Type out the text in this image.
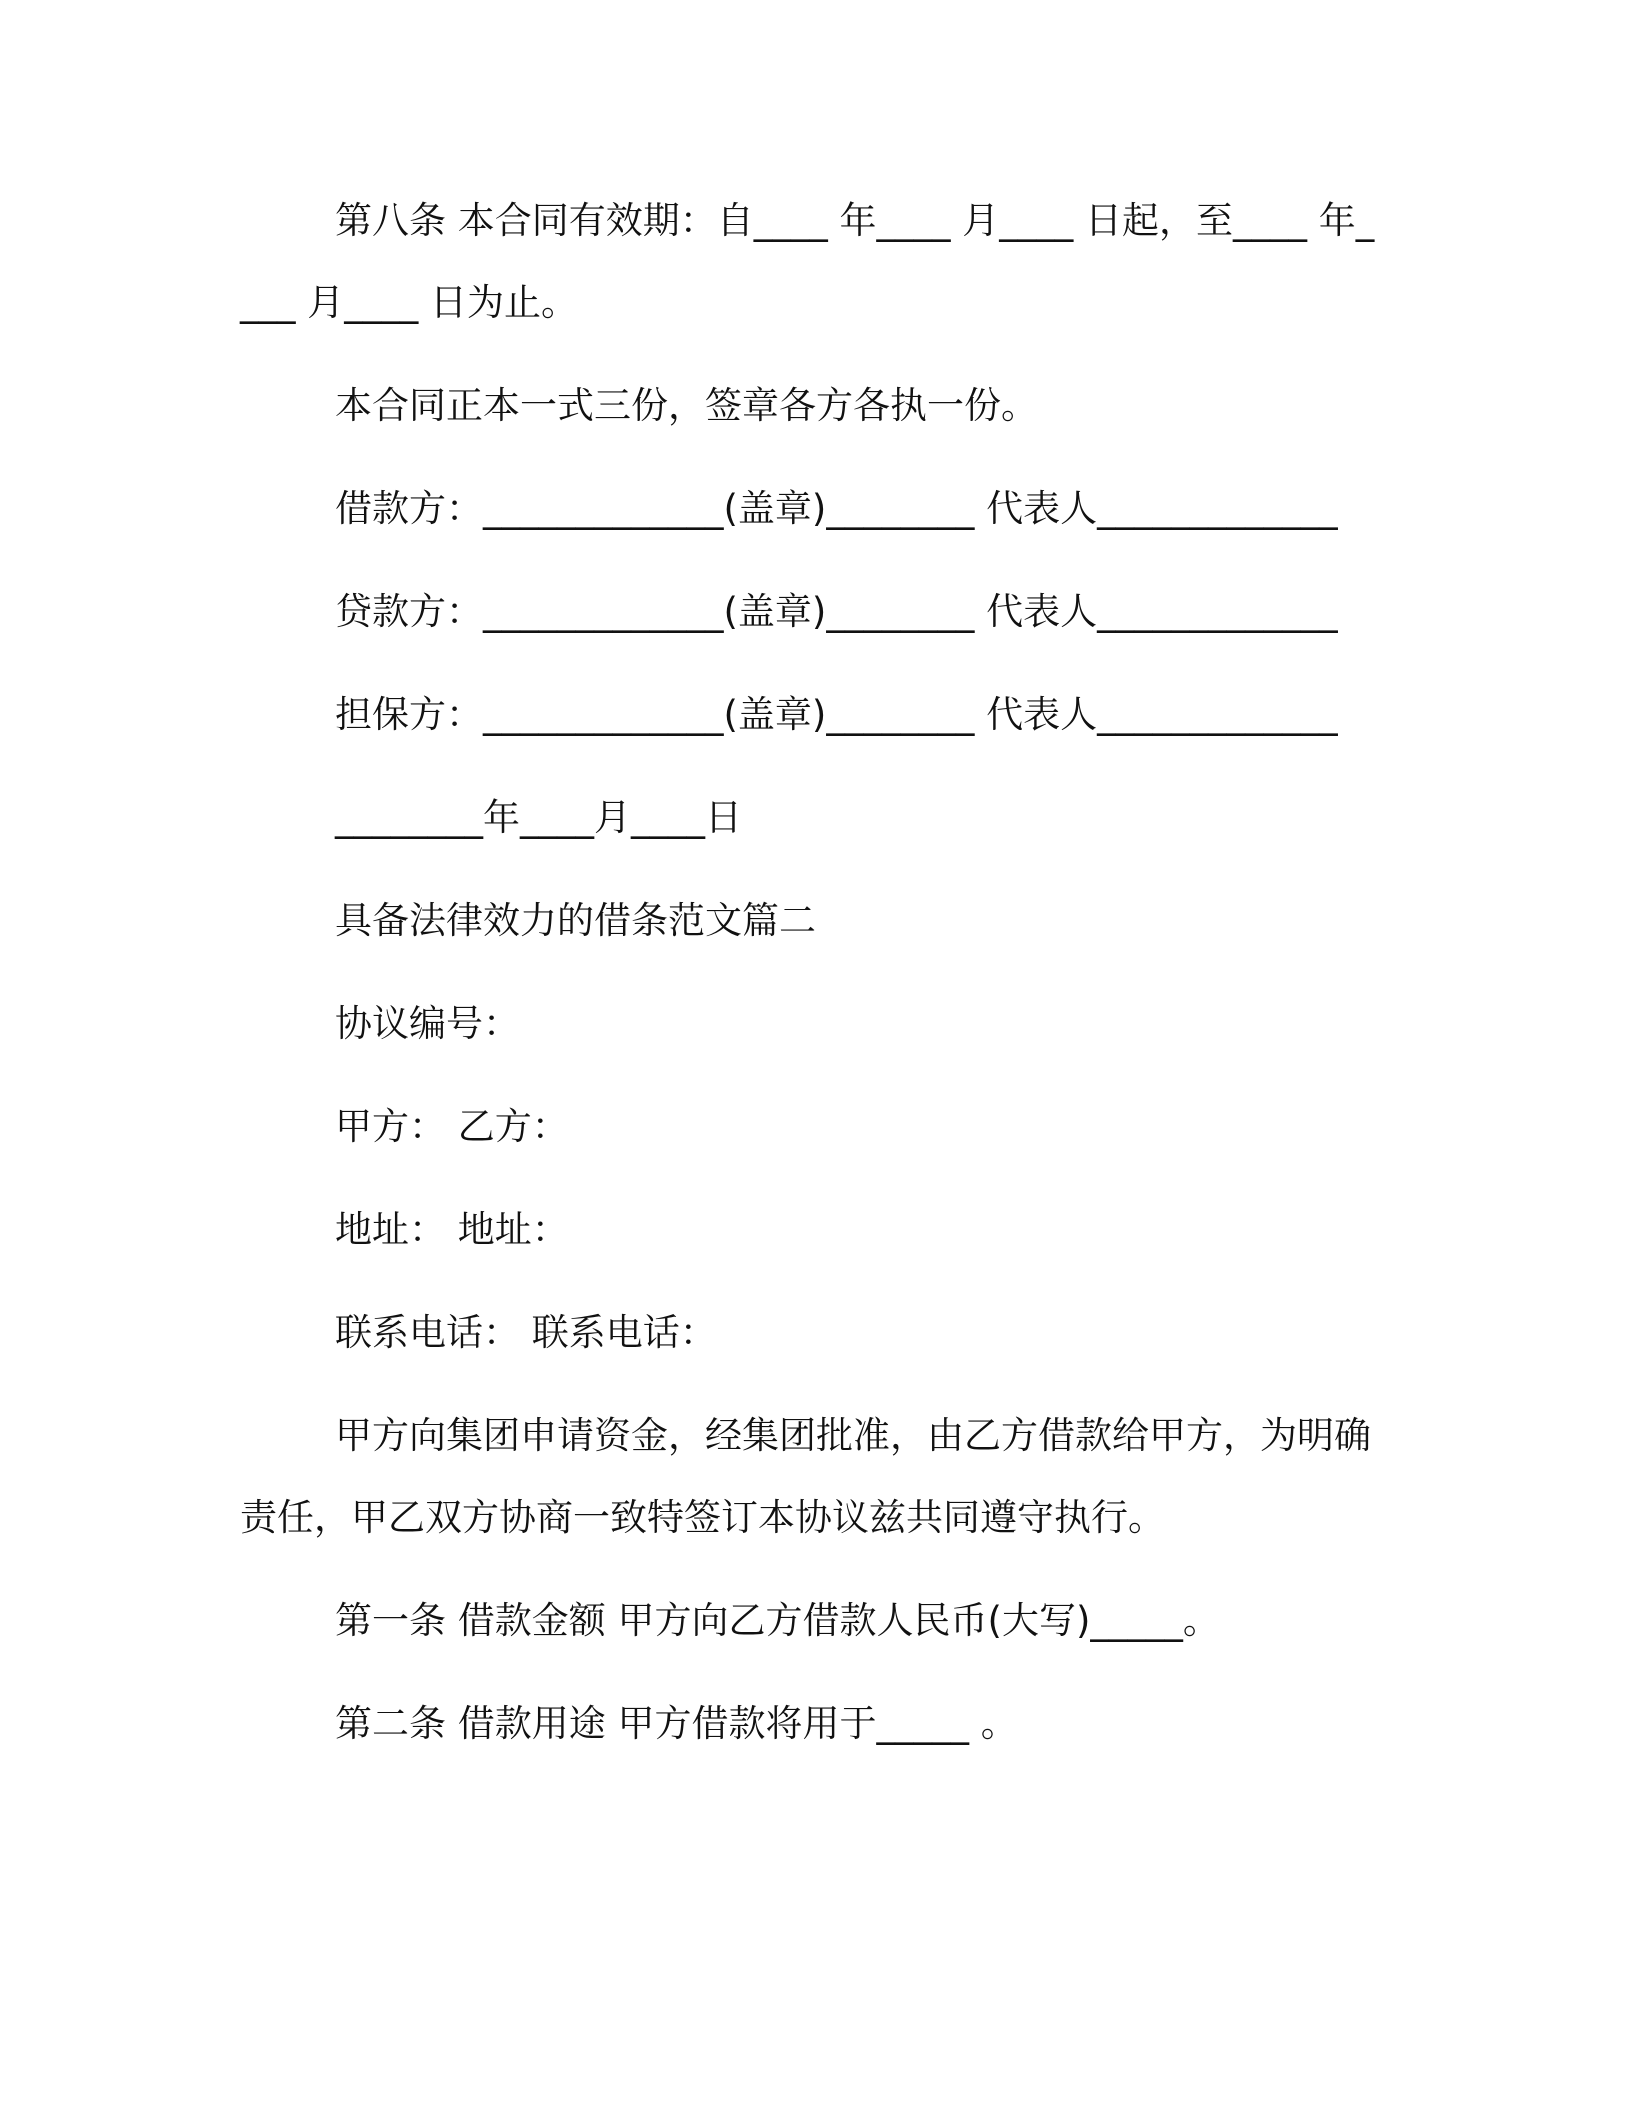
第八条 本合同有效期：自____ 年____ 月____ 日起，至____ 年____ 月____ 日为止。

本合同正本一式三份，签章各方各执一份。

借款方：_____________(盖章)________ 代表人_____________

贷款方：_____________(盖章)________ 代表人_____________

担保方：_____________(盖章)________ 代表人_____________

________年____月____日

具备法律效力的借条范文篇二

协议编号：

甲方： 乙方：

地址： 地址：

联系电话： 联系电话：

甲方向集团申请资金，经集团批准，由乙方借款给甲方，为明确责任，甲乙双方协商一致特签订本协议兹共同遵守执行。

第一条 借款金额 甲方向乙方借款人民币(大写)_____。

第二条 借款用途 甲方借款将用于_____ 。
